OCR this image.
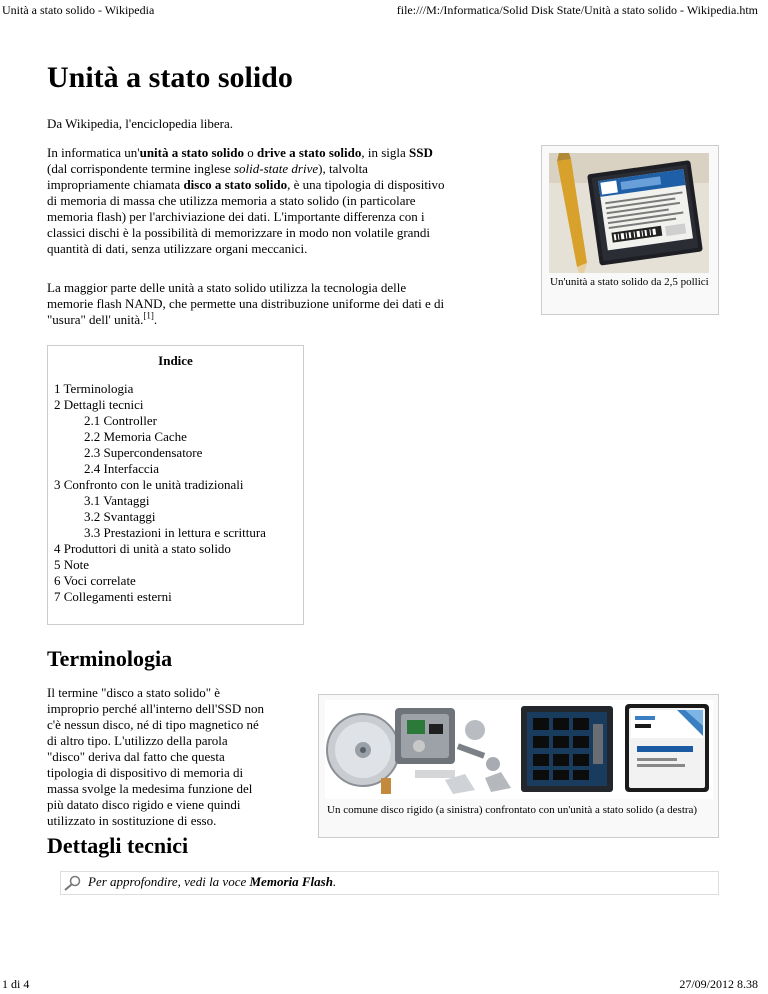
Unità a stato solido - Wikipedia	file:///M:/Informatica/Solid Disk State/Unità a stato solido - Wikipedia.htm
Unità a stato solido
Da Wikipedia, l'enciclopedia libera.
In informatica un'unità a stato solido o drive a stato solido, in sigla SSD
(dal corrispondente termine inglese solid-state drive), talvolta
impropriamente chiamata disco a stato solido, è una tipologia di dispositivo
di memoria di massa che utilizza memoria a stato solido (in particolare
memoria flash) per l'archiviazione dei dati. L'importante differenza con i
classici dischi è la possibilità di memorizzare in modo non volatile grandi
quantità di dati, senza utilizzare organi meccanici.
La maggior parte delle unità a stato solido utilizza la tecnologia delle
memorie flash NAND, che permette una distribuzione uniforme dei dati e di
"usura" dell' unità.[1].
Un'unità a stato solido da 2,5 pollici
Indice
1 Terminologia
2 Dettagli tecnici
2.1 Controller
2.2 Memoria Cache
2.3 Supercondensatore
2.4 Interfaccia
3 Confronto con le unità tradizionali
3.1 Vantaggi
3.2 Svantaggi
3.3 Prestazioni in lettura e scrittura
4 Produttori di unità a stato solido
5 Note
6 Voci correlate
7 Collegamenti esterni
Terminologia
Il termine "disco a stato solido" è
improprio perché all'interno dell'SSD non
c'è nessun disco, né di tipo magnetico né
di altro tipo. L'utilizzo della parola
"disco" deriva dal fatto che questa
tipologia di dispositivo di memoria di
massa svolge la medesima funzione del
più datato disco rigido e viene quindi
utilizzato in sostituzione di esso.
Un comune disco rigido (a sinistra) confrontato con un'unità a stato solido (a destra)
Dettagli tecnici
Per approfondire, vedi la voce Memoria Flash.
1 di 4	27/09/2012 8.38
